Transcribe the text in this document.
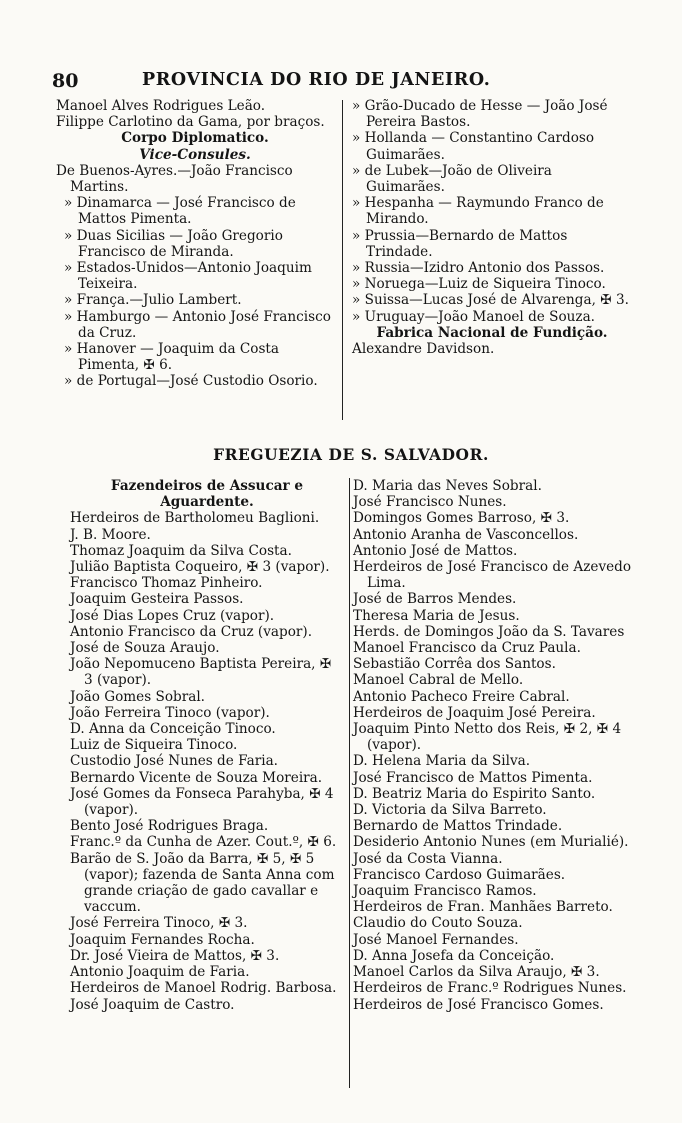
80	PROVINCIA DO RIO DE JANEIRO.

Manoel Alves Rodrigues Leão.

Filippe Carlotino da Gama, por braços.

Corpo Diplomatico.

Vice-Consules.

De Buenos-Ayres.—João Francisco Martins.

» Dinamarca — José Francisco de Mattos Pimenta.

» Duas Sicilias — João Gregorio Francisco de Miranda.

» Estados-Unidos—Antonio Joaquim Teixeira.

» França.—Julio Lambert.

» Hamburgo — Antonio José Francisco da Cruz.

» Hanover — Joaquim da Costa Pimenta, ✠ 6.

» de Portugal—José Custodio Osorio.

» Grão-Ducado de Hesse — João José Pereira Bastos.

» Hollanda — Constantino Cardoso Guimarães.

» de Lubek—João de Oliveira Guimarães.

» Hespanha — Raymundo Franco de Mirando.

» Prussia—Bernardo de Mattos Trindade.

» Russia—Izidro Antonio dos Passos.

» Noruega—Luiz de Siqueira Tinoco.

» Suissa—Lucas José de Alvarenga, ✠ 3.

» Uruguay—João Manoel de Souza.

Fabrica Nacional de Fundição.

Alexandre Davidson.

FREGUEZIA DE S. SALVADOR.

Fazendeiros de Assucar e Aguardente.

Herdeiros de Bartholomeu Baglioni.

J. B. Moore.

Thomaz Joaquim da Silva Costa.

Julião Baptista Coqueiro, ✠ 3 (vapor).

Francisco Thomaz Pinheiro.

Joaquim Gesteira Passos.

José Dias Lopes Cruz (vapor).

Antonio Francisco da Cruz (vapor).

José de Souza Araujo.

João Nepomuceno Baptista Pereira, ✠ 3 (vapor).

João Gomes Sobral.

João Ferreira Tinoco (vapor).

D. Anna da Conceição Tinoco.

Luiz de Siqueira Tinoco.

Custodio José Nunes de Faria.

Bernardo Vicente de Souza Moreira.

José Gomes da Fonseca Parahyba, ✠ 4 (vapor).

Bento José Rodrigues Braga.

Franc.º da Cunha de Azer. Cout.º, ✠ 6.

Barão de S. João da Barra, ✠ 5, ✠ 5 (vapor); fazenda de Santa Anna com grande criação de gado cavallar e vaccum.

José Ferreira Tinoco, ✠ 3.

Joaquim Fernandes Rocha.

Dr. José Vieira de Mattos, ✠ 3.

Antonio Joaquim de Faria.

Herdeiros de Manoel Rodrig. Barbosa.

José Joaquim de Castro.

D. Maria das Neves Sobral.

José Francisco Nunes.

Domingos Gomes Barroso, ✠ 3.

Antonio Aranha de Vasconcellos.

Antonio José de Mattos.

Herdeiros de José Francisco de Azevedo Lima.

José de Barros Mendes.

Theresa Maria de Jesus.

Herds. de Domingos João da S. Tavares

Manoel Francisco da Cruz Paula.

Sebastião Corrêa dos Santos.

Manoel Cabral de Mello.

Antonio Pacheco Freire Cabral.

Herdeiros de Joaquim José Pereira.

Joaquim Pinto Netto dos Reis, ✠ 2, ✠ 4 (vapor).

D. Helena Maria da Silva.

José Francisco de Mattos Pimenta.

D. Beatriz Maria do Espirito Santo.

D. Victoria da Silva Barreto.

Bernardo de Mattos Trindade.

Desiderio Antonio Nunes (em Murialié).

José da Costa Vianna.

Francisco Cardoso Guimarães.

Joaquim Francisco Ramos.

Herdeiros de Fran. Manhães Barreto.

Claudio do Couto Souza.

José Manoel Fernandes.

D. Anna Josefa da Conceição.

Manoel Carlos da Silva Araujo, ✠ 3.

Herdeiros de Franc.º Rodrigues Nunes.

Herdeiros de José Francisco Gomes.
